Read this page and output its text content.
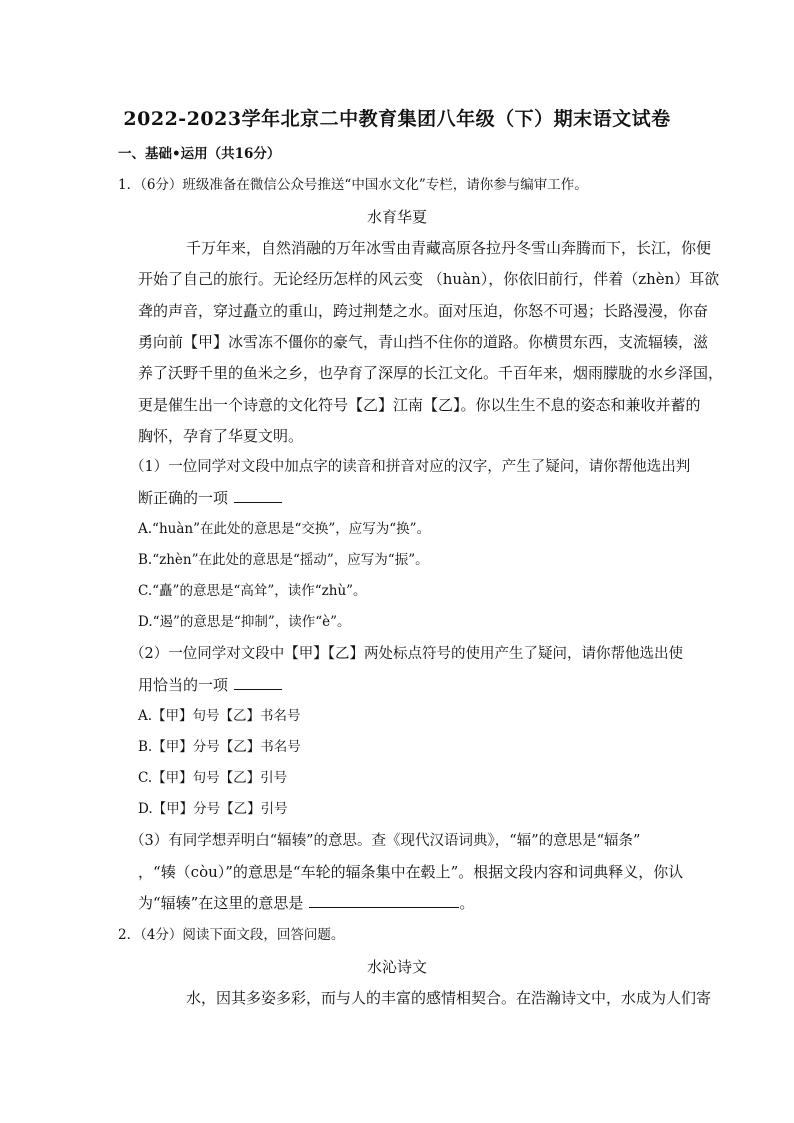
2022-2023学年北京二中教育集团八年级（下）期末语文试卷
一、基础•运用（共16分）
1．（6分）班级准备在微信公众号推送“中国水文化”专栏，请你参与编审工作。
水育华夏
千万年来，自然消融的万年冰雪由青藏高原各拉丹冬雪山奔腾而下，长江，你便
开始了自己的旅行。无论经历怎样的风云变 （huàn），你依旧前行，伴着（zhèn）耳欲
聋的声音，穿过矗立的重山，跨过荆楚之水。面对压迫，你怒不可遏；长路漫漫，你奋
勇向前【甲】冰雪冻不僵你的豪气，青山挡不住你的道路。你横贯东西，支流辐辏，滋
养了沃野千里的鱼米之乡，也孕育了深厚的长江文化。千百年来，烟雨朦胧的水乡泽国，
更是催生出一个诗意的文化符号【乙】江南【乙】。你以生生不息的姿态和兼收并蓄的
胸怀，孕育了华夏文明。
（1）一位同学对文段中加点字的读音和拼音对应的汉字，产生了疑问，请你帮他选出判
断正确的一项
A.“huàn”在此处的意思是“交换”，应写为“换”。
B.“zhèn”在此处的意思是“摇动”，应写为“振”。
C.“矗”的意思是“高耸”，读作“zhù”。
D.“遏”的意思是“抑制”，读作“è”。
（2）一位同学对文段中【甲】【乙】两处标点符号的使用产生了疑问，请你帮他选出使
用恰当的一项
A.【甲】句号【乙】书名号
B.【甲】分号【乙】书名号
C.【甲】句号【乙】引号
D.【甲】分号【乙】引号
（3）有同学想弄明白“辐辏”的意思。查《现代汉语词典》，“辐”的意思是“辐条”
，“辏（còu）”的意思是“车轮的辐条集中在毂上”。根据文段内容和词典释义，你认
为“辐辏”在这里的意思是	。
2．（4分）阅读下面文段，回答问题。
水沁诗文
水，因其多姿多彩，而与人的丰富的感情相契合。在浩瀚诗文中，水成为人们寄
